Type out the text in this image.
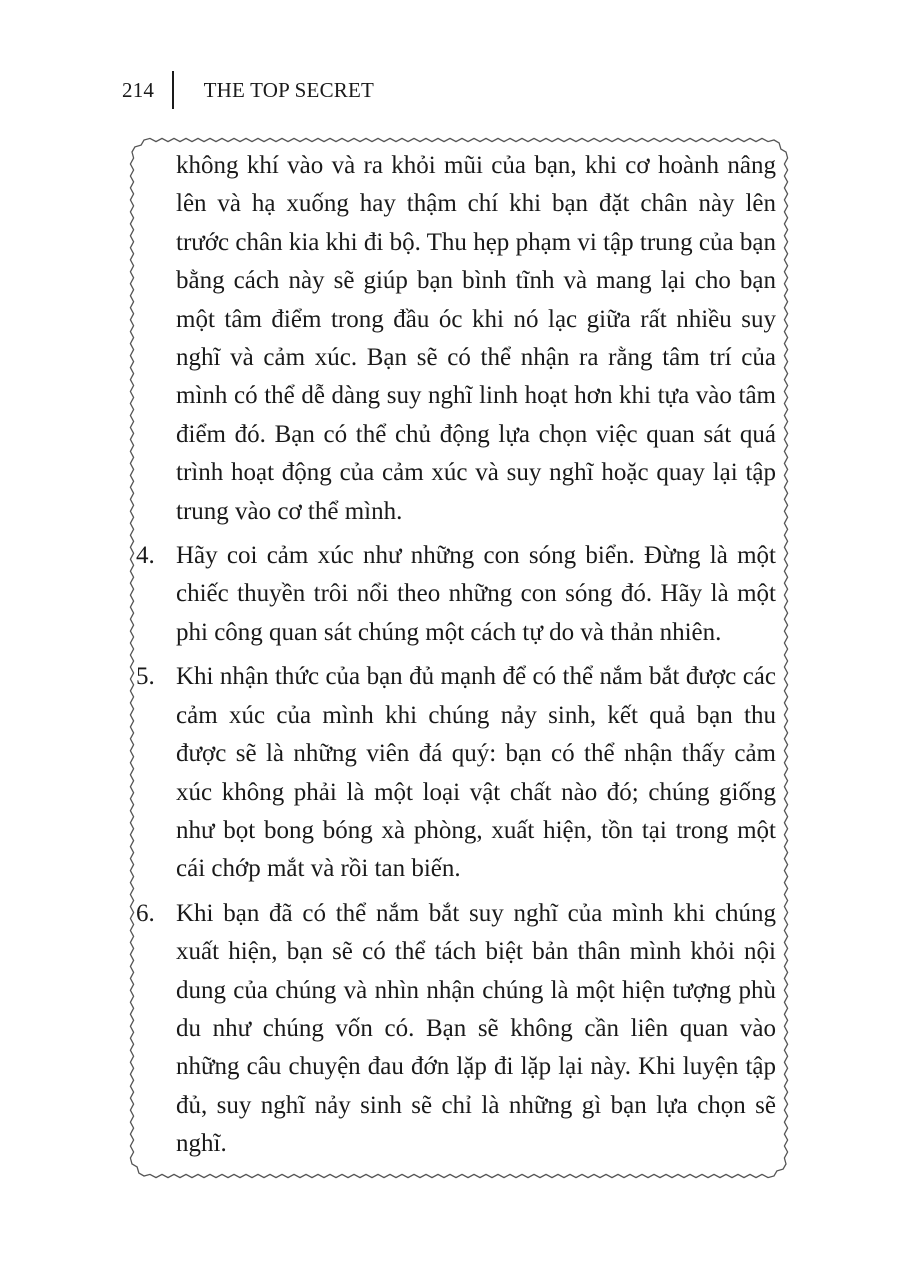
214 THE TOP SECRET

không khí vào và ra khỏi mũi của bạn, khi cơ hoành nâng lên và hạ xuống hay thậm chí khi bạn đặt chân này lên trước chân kia khi đi bộ. Thu hẹp phạm vi tập trung của bạn bằng cách này sẽ giúp bạn bình tĩnh và mang lại cho bạn một tâm điểm trong đầu óc khi nó lạc giữa rất nhiều suy nghĩ và cảm xúc. Bạn sẽ có thể nhận ra rằng tâm trí của mình có thể dễ dàng suy nghĩ linh hoạt hơn khi tựa vào tâm điểm đó. Bạn có thể chủ động lựa chọn việc quan sát quá trình hoạt động của cảm xúc và suy nghĩ hoặc quay lại tập trung vào cơ thể mình.

4. Hãy coi cảm xúc như những con sóng biển. Đừng là một chiếc thuyền trôi nổi theo những con sóng đó. Hãy là một phi công quan sát chúng một cách tự do và thản nhiên.
5. Khi nhận thức của bạn đủ mạnh để có thể nắm bắt được các cảm xúc của mình khi chúng nảy sinh, kết quả bạn thu được sẽ là những viên đá quý: bạn có thể nhận thấy cảm xúc không phải là một loại vật chất nào đó; chúng giống như bọt bong bóng xà phòng, xuất hiện, tồn tại trong một cái chớp mắt và rồi tan biến.
6. Khi bạn đã có thể nắm bắt suy nghĩ của mình khi chúng xuất hiện, bạn sẽ có thể tách biệt bản thân mình khỏi nội dung của chúng và nhìn nhận chúng là một hiện tượng phù du như chúng vốn có. Bạn sẽ không cần liên quan vào những câu chuyện đau đớn lặp đi lặp lại này. Khi luyện tập đủ, suy nghĩ nảy sinh sẽ chỉ là những gì bạn lựa chọn sẽ nghĩ.
